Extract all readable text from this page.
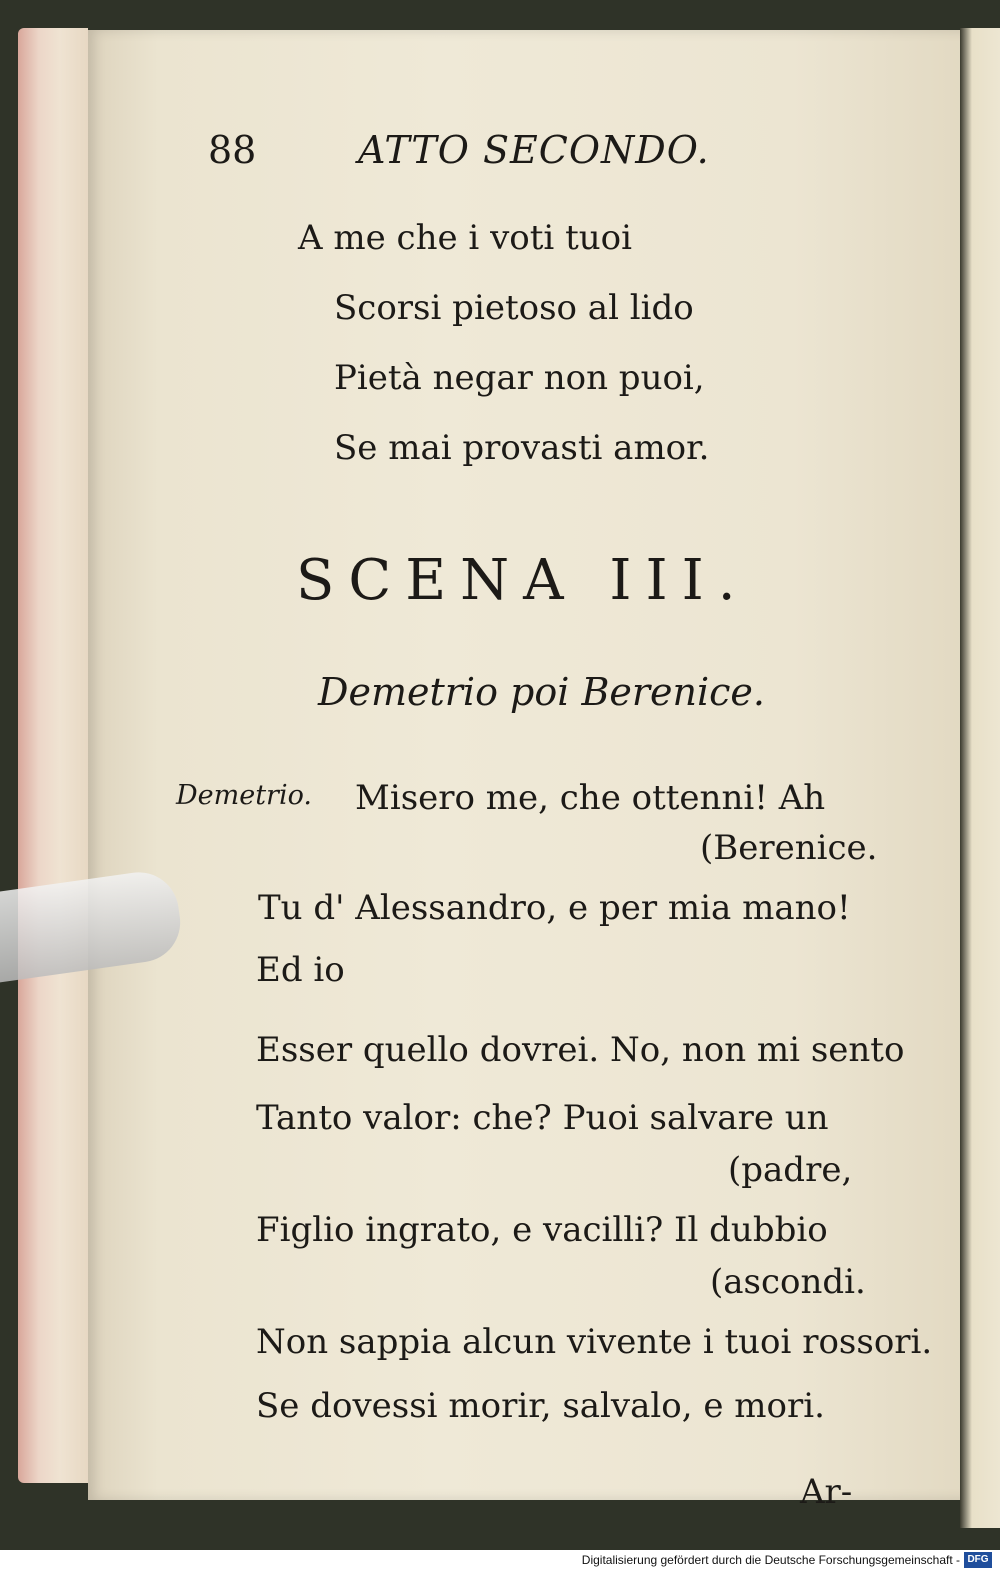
88	ATTO SECONDO.
A me che i voti tuoi
Scorsi pietoso al lido
Pietà negar non puoi,
Se mai provasti amor.
SCENA III.
Demetrio poi Berenice.
Demetrio. Misero me, che ottenni! Ah
(Berenice.
Tu d' Alessandro, e per mia mano!
Ed io
Esser quello dovrei. No, non mi sento
Tanto valor: che? Puoi salvare un
(padre,
Figlio ingrato, e vacilli? Il dubbio
(ascondi.
Non sappia alcun vivente i tuoi rossori.
Se dovessi morir, salvalo, e mori.
Ar-
Digitalisierung gefördert durch die Deutsche Forschungsgemeinschaft - DFG
